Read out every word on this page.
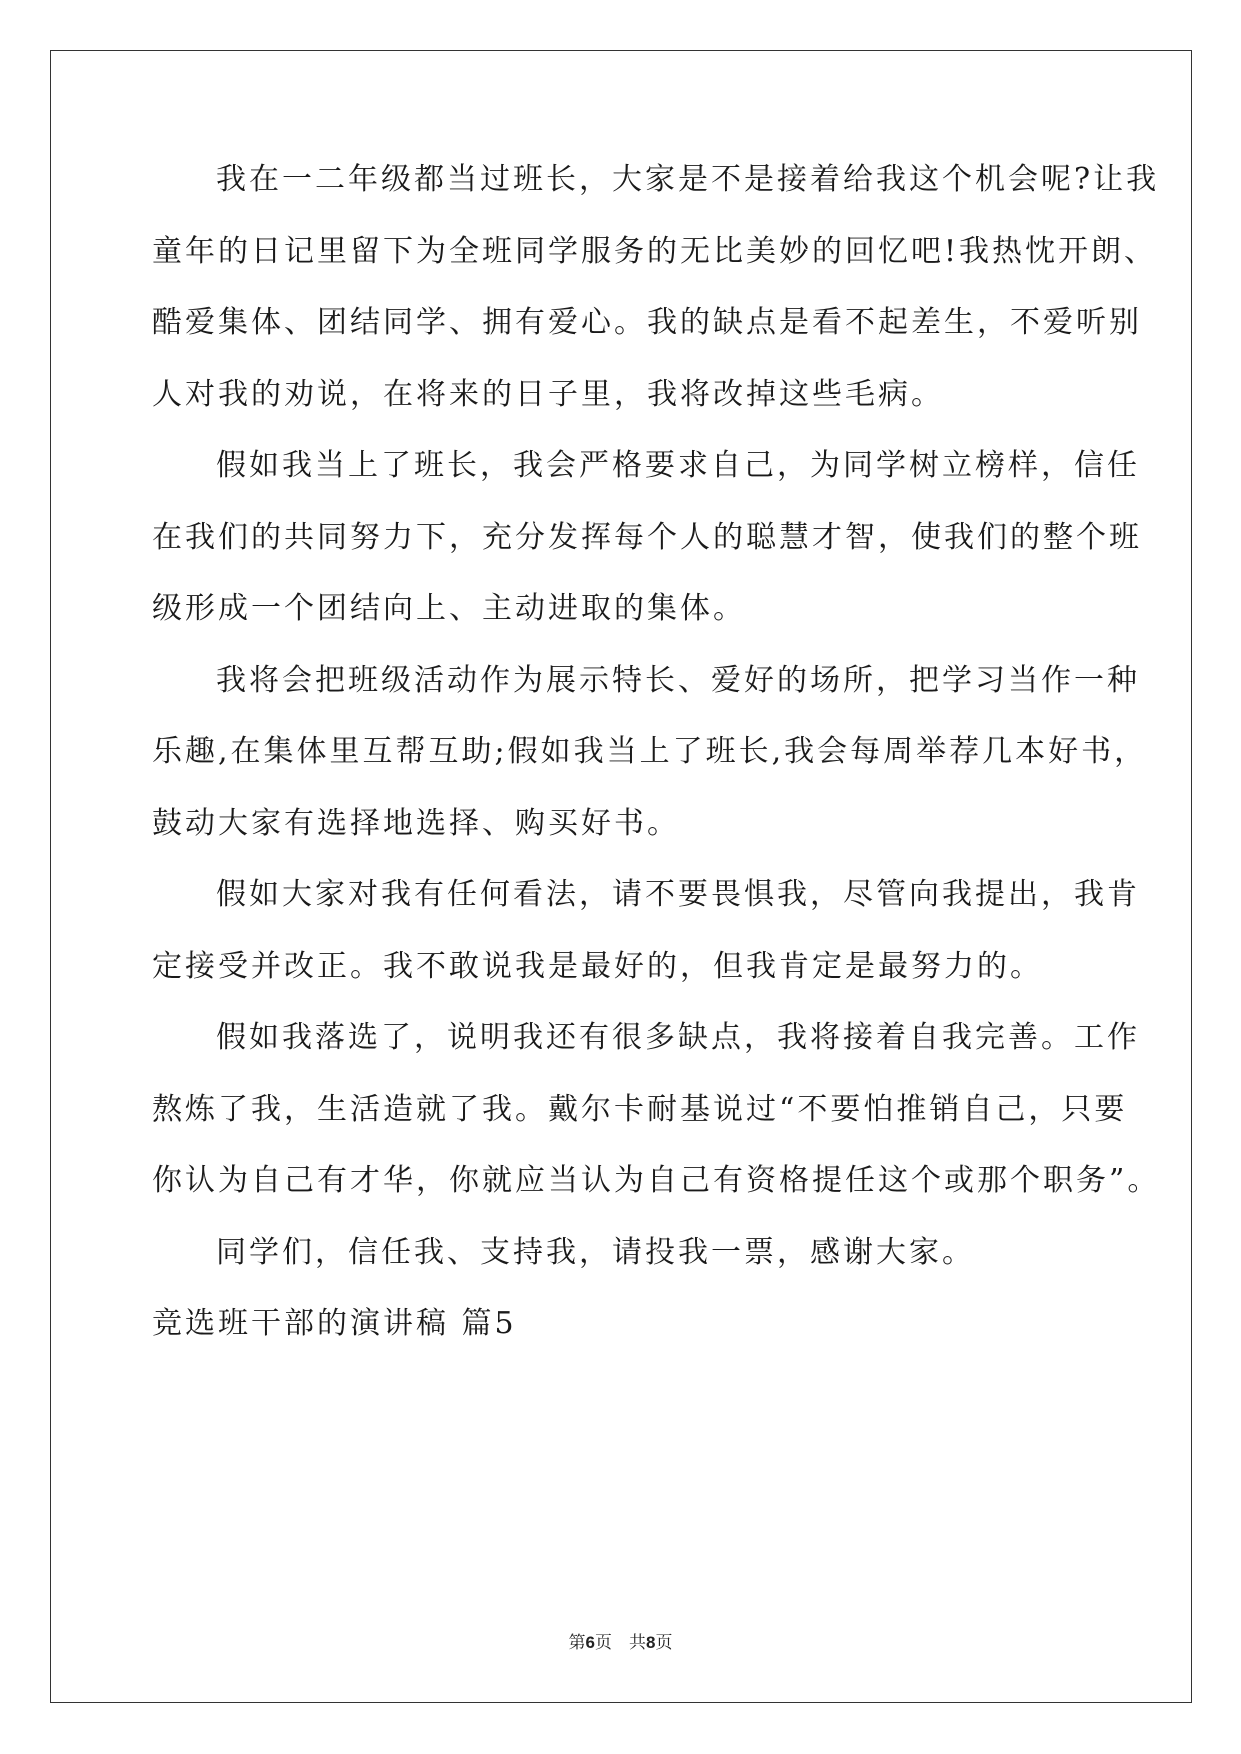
我在一二年级都当过班长，大家是不是接着给我这个机会呢?让我
童年的日记里留下为全班同学服务的无比美妙的回忆吧!我热忱开朗、
酷爱集体、团结同学、拥有爱心。我的缺点是看不起差生，不爱听别
人对我的劝说，在将来的日子里，我将改掉这些毛病。
假如我当上了班长，我会严格要求自己，为同学树立榜样，信任
在我们的共同努力下，充分发挥每个人的聪慧才智，使我们的整个班
级形成一个团结向上、主动进取的集体。
我将会把班级活动作为展示特长、爱好的场所，把学习当作一种
乐趣,在集体里互帮互助;假如我当上了班长,我会每周举荐几本好书，
鼓动大家有选择地选择、购买好书。
假如大家对我有任何看法，请不要畏惧我，尽管向我提出，我肯
定接受并改正。我不敢说我是最好的，但我肯定是最努力的。
假如我落选了，说明我还有很多缺点，我将接着自我完善。工作
熬炼了我，生活造就了我。戴尔卡耐基说过“不要怕推销自己，只要
你认为自己有才华，你就应当认为自己有资格提任这个或那个职务”。
同学们，信任我、支持我，请投我一票，感谢大家。
竞选班干部的演讲稿 篇5
第6页　共8页
